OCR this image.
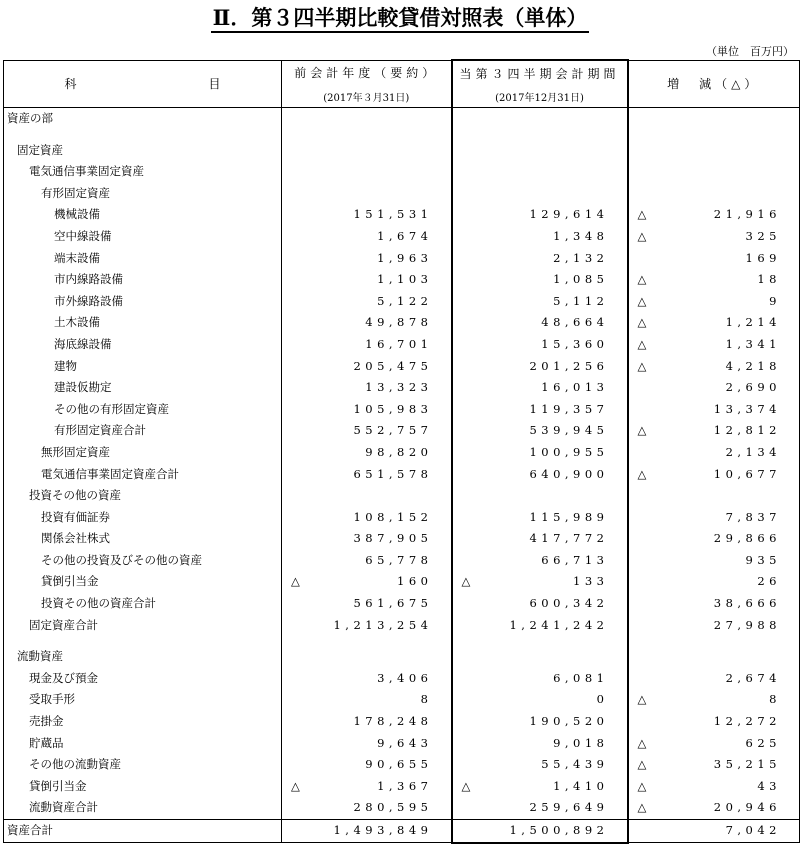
Ⅱ．第３四半期比較貸借対照表（単体）
（単位　百万円）
科　　　　　　　　　　　目	前会計年度（要約）	当第３四半期会計期間	増　減（△）
	(2017年３月31日)	(2017年12月31日)	
資産の部			

固定資産			
電気通信事業固定資産			
有形固定資産			
機械設備	151,531	129,614	△ 21,916
空中線設備	1,674	1,348	△ 325
端末設備	1,963	2,132	169
市内線路設備	1,103	1,085	△ 18
市外線路設備	5,122	5,112	△ 9
土木設備	49,878	48,664	△ 1,214
海底線設備	16,701	15,360	△ 1,341
建物	205,475	201,256	△ 4,218
建設仮勘定	13,323	16,013	2,690
その他の有形固定資産	105,983	119,357	13,374
有形固定資産合計	552,757	539,945	△ 12,812
無形固定資産	98,820	100,955	2,134
電気通信事業固定資産合計	651,578	640,900	△ 10,677
投資その他の資産			
投資有価証券	108,152	115,989	7,837
関係会社株式	387,905	417,772	29,866
その他の投資及びその他の資産	65,778	66,713	935
貸倒引当金	△ 160	△ 133	26
投資その他の資産合計	561,675	600,342	38,666
固定資産合計	1,213,254	1,241,242	27,988

流動資産			
現金及び預金	3,406	6,081	2,674
受取手形	8	0	△ 8
売掛金	178,248	190,520	12,272
貯蔵品	9,643	9,018	△ 625
その他の流動資産	90,655	55,439	△ 35,215
貸倒引当金	△ 1,367	△ 1,410	△ 43
流動資産合計	280,595	259,649	△ 20,946
資産合計	1,493,849	1,500,892	7,042
